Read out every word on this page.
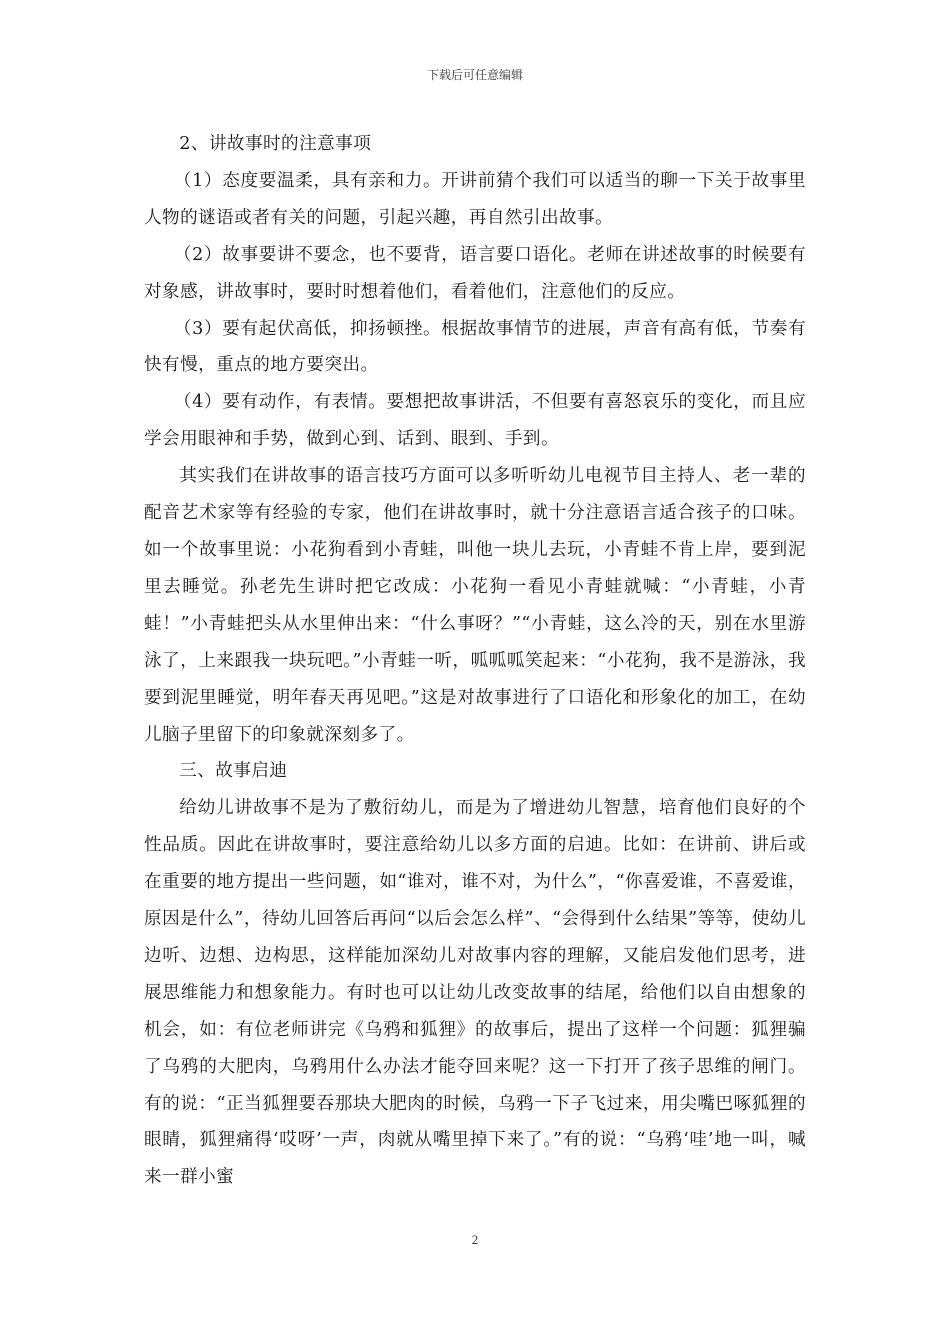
下载后可任意编辑

2、讲故事时的注意事项

（1）态度要温柔，具有亲和力。开讲前猜个我们可以适当的聊一下关于故事里人物的谜语或者有关的问题，引起兴趣，再自然引出故事。

（2）故事要讲不要念，也不要背，语言要口语化。老师在讲述故事的时候要有对象感，讲故事时，要时时想着他们，看着他们，注意他们的反应。

（3）要有起伏高低，抑扬顿挫。根据故事情节的进展，声音有高有低，节奏有快有慢，重点的地方要突出。

（4）要有动作，有表情。要想把故事讲活，不但要有喜怒哀乐的变化，而且应学会用眼神和手势，做到心到、话到、眼到、手到。

其实我们在讲故事的语言技巧方面可以多听听幼儿电视节目主持人、老一辈的配音艺术家等有经验的专家，他们在讲故事时，就十分注意语言适合孩子的口味。如一个故事里说：小花狗看到小青蛙，叫他一块儿去玩，小青蛙不肯上岸，要到泥里去睡觉。孙老先生讲时把它改成：小花狗一看见小青蛙就喊：“小青蛙，小青蛙！”小青蛙把头从水里伸出来：“什么事呀？”“小青蛙，这么冷的天，别在水里游泳了，上来跟我一块玩吧。”小青蛙一听，呱呱呱笑起来：“小花狗，我不是游泳，我要到泥里睡觉，明年春天再见吧。”这是对故事进行了口语化和形象化的加工，在幼儿脑子里留下的印象就深刻多了。

三、故事启迪

给幼儿讲故事不是为了敷衍幼儿，而是为了增进幼儿智慧，培育他们良好的个性品质。因此在讲故事时，要注意给幼儿以多方面的启迪。比如：在讲前、讲后或在重要的地方提出一些问题，如“谁对，谁不对，为什么”，“你喜爱谁，不喜爱谁，原因是什么”，待幼儿回答后再问“以后会怎么样”、“会得到什么结果”等等，使幼儿边听、边想、边构思，这样能加深幼儿对故事内容的理解，又能启发他们思考，进展思维能力和想象能力。有时也可以让幼儿改变故事的结尾，给他们以自由想象的机会，如：有位老师讲完《乌鸦和狐狸》的故事后，提出了这样一个问题：狐狸骗了乌鸦的大肥肉，乌鸦用什么办法才能夺回来呢？这一下打开了孩子思维的闸门。有的说：“正当狐狸要吞那块大肥肉的时候，乌鸦一下子飞过来，用尖嘴巴啄狐狸的眼睛，狐狸痛得‘哎呀’一声，肉就从嘴里掉下来了。”有的说：“乌鸦‘哇’地一叫，喊来一群小蜜

2
